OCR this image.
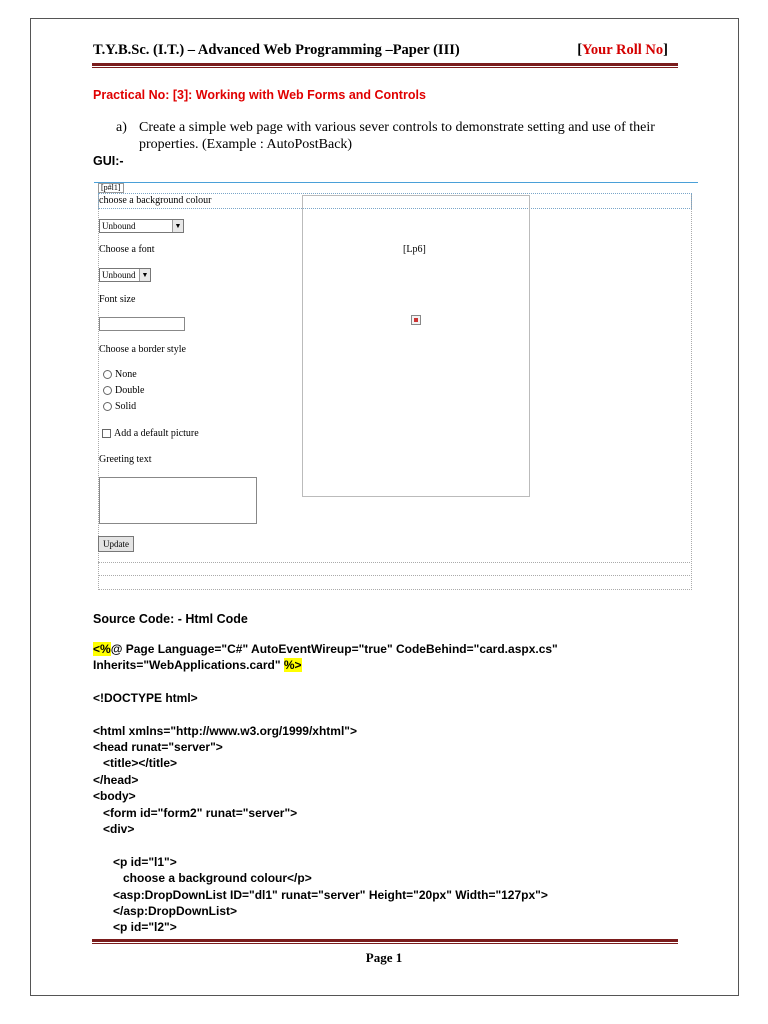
T.Y.B.Sc. (I.T.) – Advanced Web Programming –Paper (III)	[Your Roll No]
Practical No: [3]: Working with Web Forms and Controls
a) Create a simple web page with various sever controls to demonstrate setting and use of their properties. (Example : AutoPostBack)
GUI:-
[p#l1]
choose a background colour
Unbound	▼
Choose a font
Unbound ▼
Font size
Choose a border style
None
Double
Solid
Add a default picture
Greeting text
Update
[Lp6]
Source Code: - Html Code
<%@ Page Language="C#" AutoEventWireup="true" CodeBehind="card.aspx.cs"
Inherits="WebApplications.card" %>
<!DOCTYPE html>
<html xmlns="http://www.w3.org/1999/xhtml">
<head runat="server">
<title></title>
</head>
<body>
<form id="form2" runat="server">
<div>
<p id="l1">
choose a background colour</p>
<asp:DropDownList ID="dl1" runat="server" Height="20px" Width="127px">
</asp:DropDownList>
<p id="l2">
Page 1
